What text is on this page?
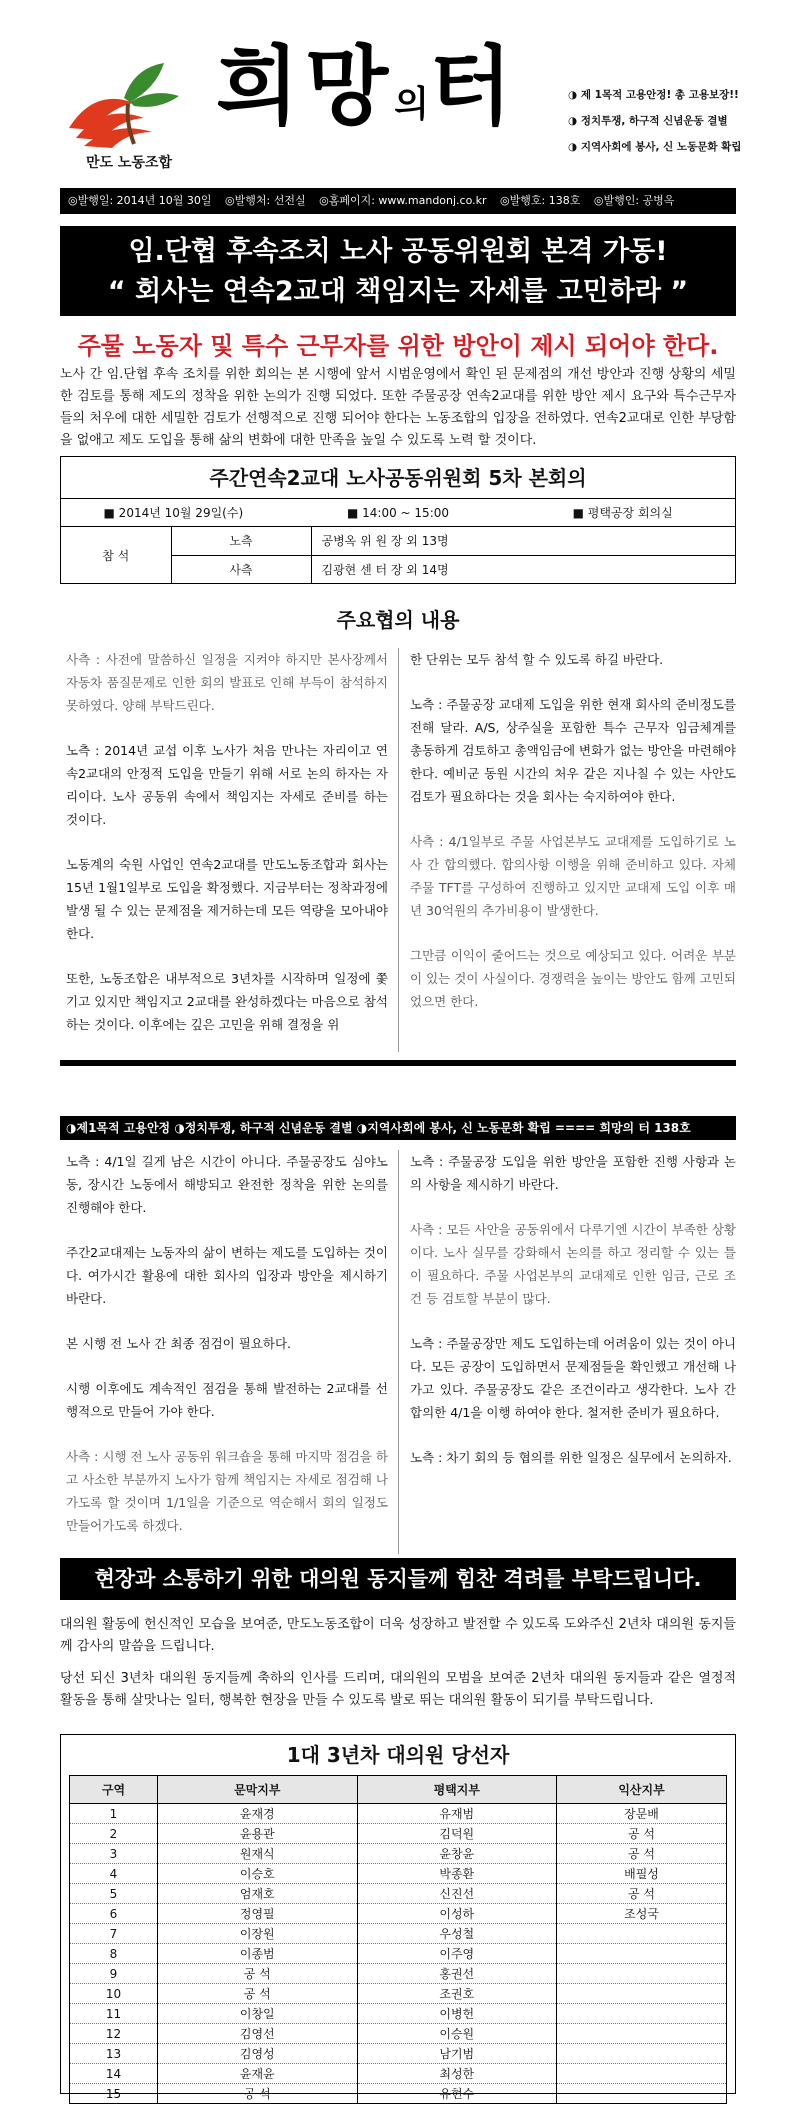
만도 노동조합
희망의터	◑ 제 1목적 고용안정! 총 고용보장!!
◑ 정치투쟁, 하구적 신념운동 결별
◑ 지역사회에 봉사, 신 노동문화 확립
◎발행일: 2014년 10월 30일 ◎발행처: 선전실 ◎홈페이지: www.mandonj.co.kr ◎발행호: 138호 ◎발행인: 공병옥
임.단협 후속조치 노사 공동위원회 본격 가동!
“ 회사는 연속2교대 책임지는 자세를 고민하라 ”
주물 노동자 및 특수 근무자를 위한 방안이 제시 되어야 한다.
노사 간 임.단협 후속 조치를 위한 회의는 본 시행에 앞서 시범운영에서 확인 된 문제점의 개선 방안과 진행 상황의 세밀한 검토를 통해 제도의 정착을 위한 논의가 진행 되었다. 또한 주물공장 연속2교대를 위한 방안 제시 요구와 특수근무자들의 처우에 대한 세밀한 검토가 선행적으로 진행 되어야 한다는 노동조합의 입장을 전하였다. 연속2교대로 인한 부당함을 없애고 제도 도입을 통해 삶의 변화에 대한 만족을 높일 수 있도록 노력 할 것이다.
주간연속2교대 노사공동위원회 5차 본회의
■ 2014년 10월 29일(수)	■ 14:00 ~ 15:00	■ 평택공장 회의실
참 석	노측	공병옥 위 원 장 외 13명
	사측	김광현 센 터 장 외 14명
주요협의 내용

사측 : 사전에 말씀하신 일정을 지켜야 하지만 본사장께서 자동차 품질문제로 인한 회의 발표로 인해 부득이 참석하지 못하였다. 양해 부탁드린다.

노측 : 2014년 교섭 이후 노사가 처음 만나는 자리이고 연속2교대의 안정적 도입을 만들기 위해 서로 논의 하자는 자리이다. 노사 공동위 속에서 책임지는 자세로 준비를 하는 것이다.

노동계의 숙원 사업인 연속2교대를 만도노동조합과 회사는 15년 1월1일부로 도입을 확정했다. 지금부터는 정착과정에 발생 될 수 있는 문제점을 제거하는데 모든 역량을 모아내야 한다.

또한, 노동조합은 내부적으로 3년차를 시작하며 일정에 쫓기고 있지만 책임지고 2교대를 완성하겠다는 마음으로 참석하는 것이다. 이후에는 깊은 고민을 위해 결정을 위

한 단위는 모두 참석 할 수 있도록 하길 바란다.

노측 : 주물공장 교대제 도입을 위한 현재 회사의 준비정도를 전해 달라. A/S, 상주실을 포함한 특수 근무자 임금체계를 총동하게 검토하고 총액임금에 변화가 없는 방안을 마련해야 한다. 예비군 동원 시간의 처우 같은 지나칠 수 있는 사안도 검토가 필요하다는 것을 회사는 숙지하여야 한다.

사측 : 4/1일부로 주물 사업본부도 교대제를 도입하기로 노사 간 합의했다. 합의사항 이행을 위해 준비하고 있다. 자체 주물 TFT를 구성하여 진행하고 있지만 교대제 도입 이후 매년 30억원의 추가비용이 발생한다.

그만큼 이익이 줄어드는 것으로 예상되고 있다. 어려운 부분이 있는 것이 사실이다. 경쟁력을 높이는 방안도 함께 고민되었으면 한다.

◑제1목적 고용안정 ◑정치투쟁, 하구적 신념운동 결별 ◑지역사회에 봉사, 신 노동문화 확립 ==== 희망의 터 138호

노측 : 4/1일 길게 남은 시간이 아니다. 주물공장도 심야노동, 장시간 노동에서 해방되고 완전한 정착을 위한 논의를 진행해야 한다.

주간2교대제는 노동자의 삶이 변하는 제도를 도입하는 것이다. 여가시간 활용에 대한 회사의 입장과 방안을 제시하기 바란다.

본 시행 전 노사 간 최종 점검이 필요하다.

시행 이후에도 계속적인 점검을 통해 발전하는 2교대를 선행적으로 만들어 가야 한다.

사측 : 시행 전 노사 공동위 워크숍을 통해 마지막 점검을 하고 사소한 부분까지 노사가 함께 책임지는 자세로 점검해 나가도록 할 것이며 1/1일을 기준으로 역순해서 회의 일정도 만들어가도록 하겠다.

노측 : 주물공장 도입을 위한 방안을 포함한 진행 사항과 논의 사항을 제시하기 바란다.

사측 : 모든 사안을 공동위에서 다루기엔 시간이 부족한 상황이다. 노사 실무를 강화해서 논의를 하고 정리할 수 있는 틀이 필요하다. 주물 사업본부의 교대제로 인한 임금, 근로 조건 등 검토할 부분이 많다.

노측 : 주물공장만 제도 도입하는데 어려움이 있는 것이 아니다. 모든 공장이 도입하면서 문제점들을 확인했고 개선해 나가고 있다. 주물공장도 같은 조건이라고 생각한다. 노사 간 합의한 4/1을 이행 하여야 한다. 철저한 준비가 필요하다.

노측 : 차기 회의 등 협의를 위한 일정은 실무에서 논의하자.

현장과 소통하기 위한 대의원 동지들께 힘찬 격려를 부탁드립니다.
대의원 활동에 헌신적인 모습을 보여준, 만도노동조합이 더욱 성장하고 발전할 수 있도록 도와주신 2년차 대의원 동지들께 감사의 말씀을 드립니다.
당선 되신 3년차 대의원 동지들께 축하의 인사를 드리며, 대의원의 모범을 보여준 2년차 대의원 동지들과 같은 열정적 활동을 통해 살맛나는 일터, 행복한 현장을 만들 수 있도록 발로 뛰는 대의원 활동이 되기를 부탁드립니다.
1대 3년차 대의원 당선자
구역	문막지부	평택지부	익산지부
1	윤재경	유재범	장문배
2	윤용관	김덕원	공 석
3	원재식	윤창윤	공 석
4	이승호	박종환	배필성
5	엄재호	신진선	공 석
6	정영필	이성하	조성국
7	이장원	우성철	
8	이종범	이주영	
9	공 석	홍권선	
10	공 석	조권호	
11	이창일	이병헌	
12	김영선	이승원	
13	김영성	남기범	
14	윤재윤	최성한	
15	공 석	유현수	
